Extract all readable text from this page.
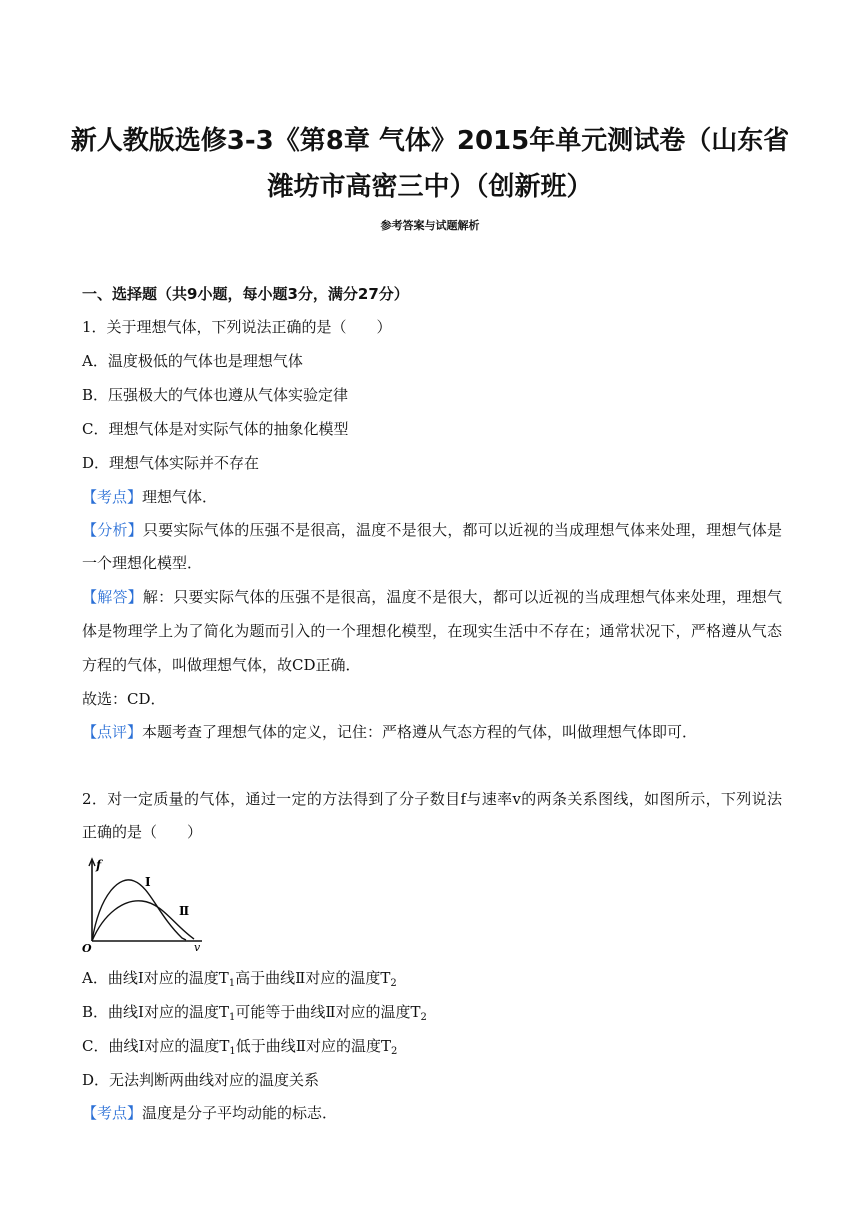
新人教版选修3-3《第8章 气体》2015年单元测试卷（山东省潍坊市高密三中）（创新班）
参考答案与试题解析
一、选择题（共9小题，每小题3分，满分27分）
1．关于理想气体，下列说法正确的是（　　）
A．温度极低的气体也是理想气体
B．压强极大的气体也遵从气体实验定律
C．理想气体是对实际气体的抽象化模型
D．理想气体实际并不存在
【考点】理想气体．
【分析】只要实际气体的压强不是很高，温度不是很大，都可以近视的当成理想气体来处理，理想气体是
一个理想化模型．
【解答】解：只要实际气体的压强不是很高，温度不是很大，都可以近视的当成理想气体来处理，理想气
体是物理学上为了简化为题而引入的一个理想化模型，在现实生活中不存在；通常状况下，严格遵从气态
方程的气体，叫做理想气体，故CD正确．
故选：CD．
【点评】本题考查了理想气体的定义，记住：严格遵从气态方程的气体，叫做理想气体即可．
2．对一定质量的气体，通过一定的方法得到了分子数目f与速率v的两条关系图线，如图所示，下列说法
正确的是（　　）
f
v
O
Ⅰ
Ⅱ
A．曲线Ⅰ对应的温度$T_1$高于曲线Ⅱ对应的温度$T_2$
B．曲线Ⅰ对应的温度$T_1$可能等于曲线Ⅱ对应的温度$T_2$
C．曲线Ⅰ对应的温度$T_1$低于曲线Ⅱ对应的温度$T_2$
D．无法判断两曲线对应的温度关系
【考点】温度是分子平均动能的标志．
